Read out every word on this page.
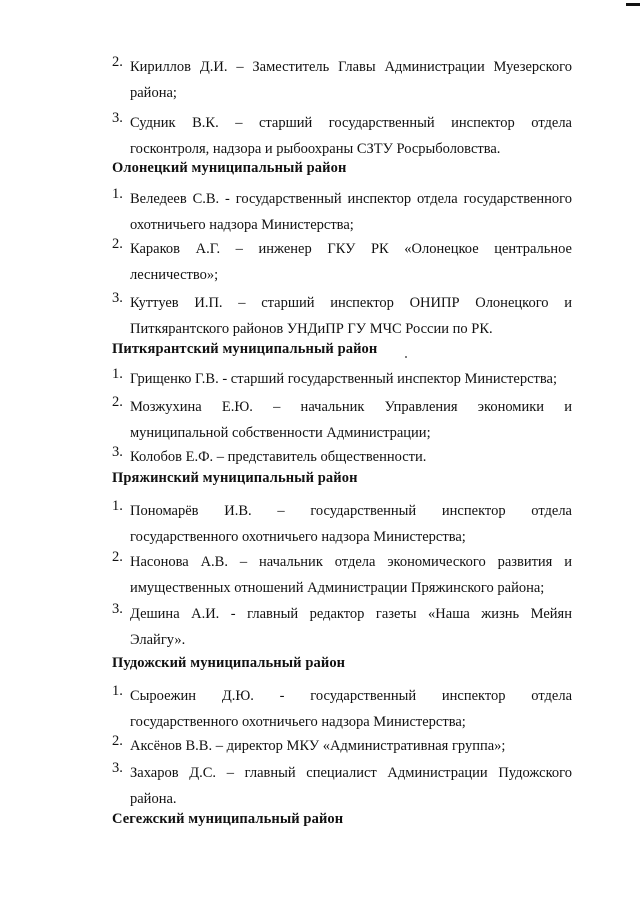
2. Кириллов Д.И. – Заместитель Главы Администрации Муезерского
района;
3. Судник В.К. – старший государственный инспектор отдела
госконтроля, надзора и рыбоохраны СЗТУ Росрыболовства.
Олонецкий муниципальный район
1. Веледеев С.В. - государственный инспектор отдела государственного
охотничьего надзора Министерства;
2. Караков А.Г. – инженер ГКУ РК «Олонецкое центральное
лесничество»;
3. Куттуев И.П. – старший инспектор ОНИПР Олонецкого и
Питкярантского районов УНДиПР ГУ МЧС России по РК.
Питкярантский муниципальный район
1. Грищенко Г.В. - старший государственный инспектор Министерства;
2. Мозжухина Е.Ю. – начальник Управления экономики и
муниципальной собственности Администрации;
3. Колобов Е.Ф. – представитель общественности.
Пряжинский муниципальный район
1. Пономарёв И.В. – государственный инспектор отдела
государственного охотничьего надзора Министерства;
2. Насонова А.В. – начальник отдела экономического развития и
имущественных отношений Администрации Пряжинского района;
3. Дешина А.И. - главный редактор газеты «Наша жизнь Мейян
Элайгу».
Пудожский муниципальный район
1. Сыроежин Д.Ю. - государственный инспектор отдела
государственного охотничьего надзора Министерства;
2. Аксёнов В.В. – директор МКУ «Административная группа»;
3. Захаров Д.С. – главный специалист Администрации Пудожского
района.
Сегежский муниципальный район
